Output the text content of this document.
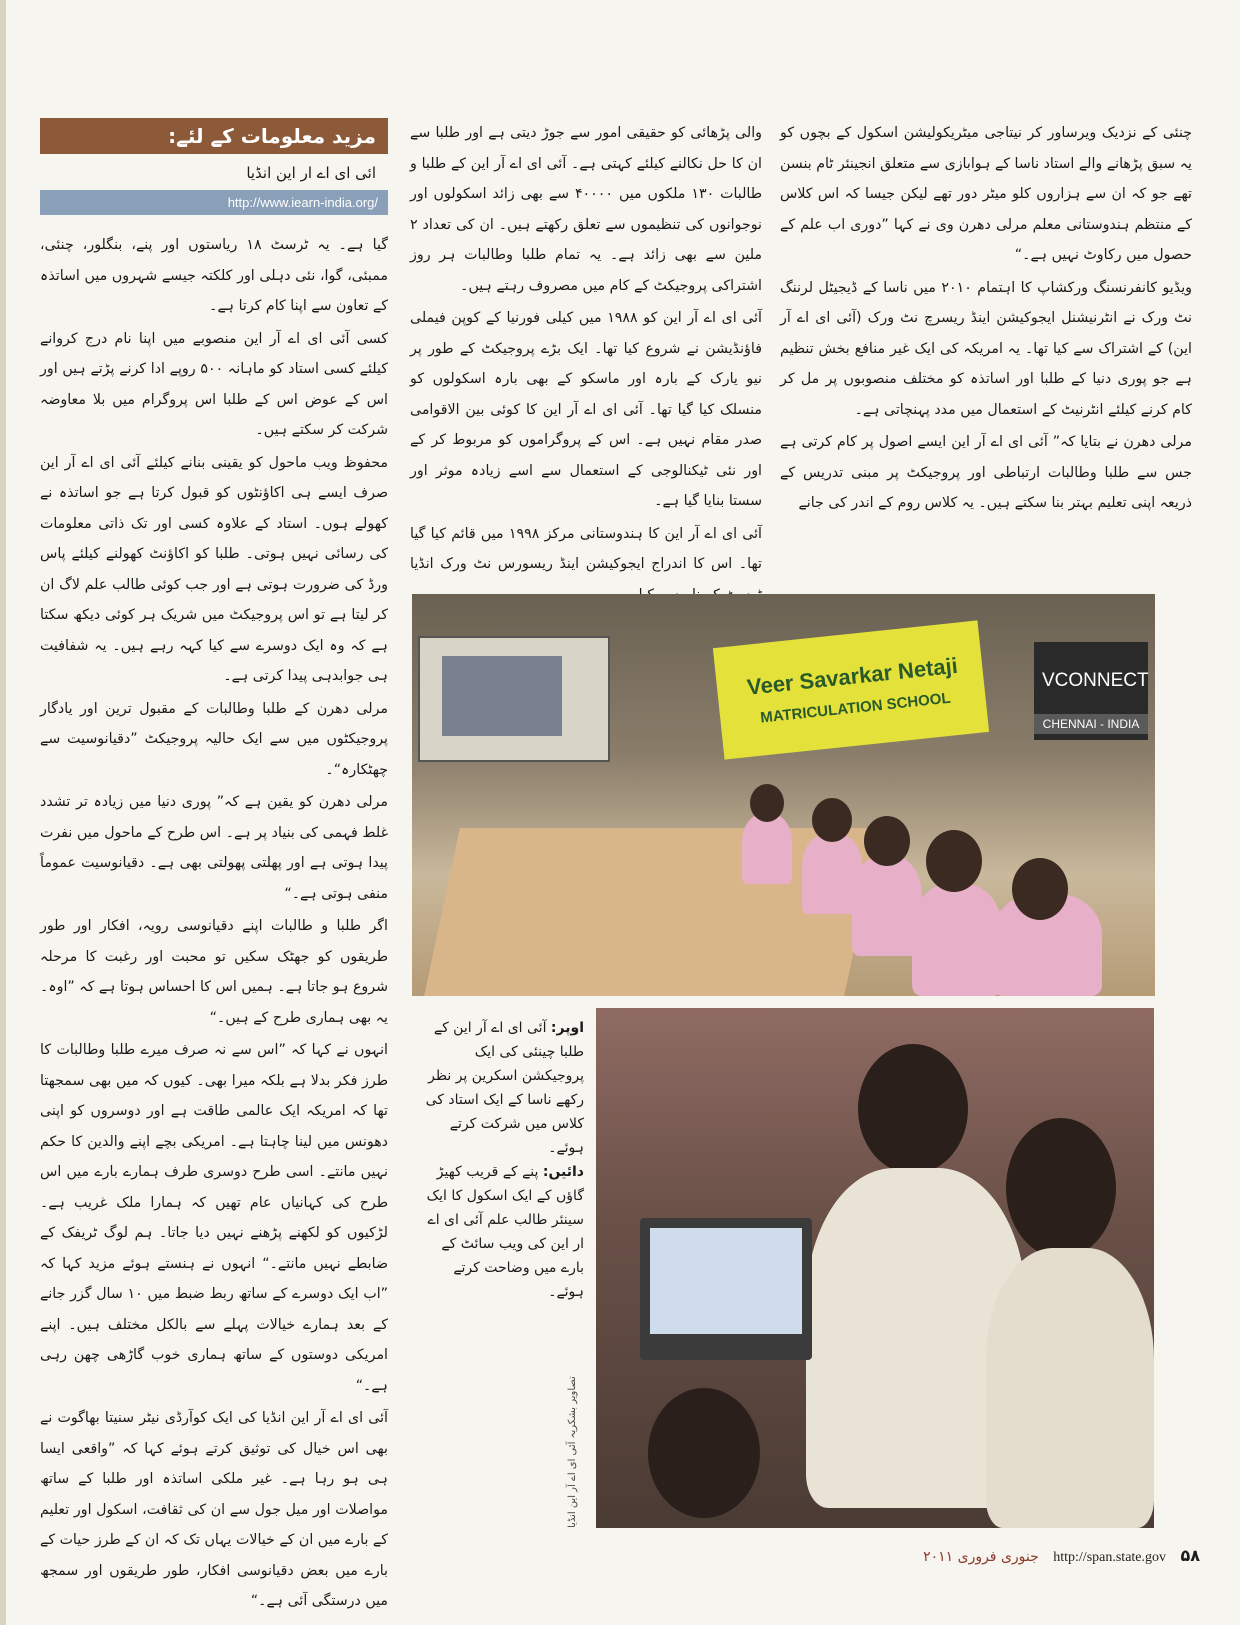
مزید معلومات کے لئے:
ائی ای اے ار این انڈیا
http://www.iearn-india.org/

چنئی کے نزدیک ویرساور کر نیتاجی میٹریکولیشن اسکول کے بچوں کو یہ سبق پڑھانے والے استاد ناسا کے ہوابازی سے متعلق انجینئر ٹام بنسن تھے جو کہ ان سے ہزاروں کلو میٹر دور تھے لیکن جیسا کہ اس کلاس کے منتظم ہندوستانی معلم مرلی دھرن وی نے کہا ”دوری اب علم کے حصول میں رکاوٹ نہیں ہے۔“

ویڈیو کانفرنسنگ ورکشاپ کا اہتمام ۲۰۱۰ میں ناسا کے ڈیجیٹل لرننگ نٹ ورک نے انٹرنیشنل ایجوکیشن اینڈ ریسرچ نٹ ورک (آئی ای اے آر این) کے اشتراک سے کیا تھا۔ یہ امریکہ کی ایک غیر منافع بخش تنظیم ہے جو پوری دنیا کے طلبا اور اساتذہ کو مختلف منصوبوں پر مل کر کام کرنے کیلئے انٹرنیٹ کے استعمال میں مدد پہنچاتی ہے۔

مرلی دھرن نے بتایا کہ” آئی ای اے آر این ایسے اصول پر کام کرتی ہے جس سے طلبا وطالبات ارتباطی اور پروجیکٹ پر مبنی تدریس کے ذریعہ اپنی تعلیم بہتر بنا سکتے ہیں۔ یہ کلاس روم کے اندر کی جانے

والی پڑھائی کو حقیقی امور سے جوڑ دیتی ہے اور طلبا سے ان کا حل نکالنے کیلئے کہتی ہے۔ آئی ای اے آر این کے طلبا و طالبات ۱۳۰ ملکوں میں ۴۰۰۰۰ سے بھی زائد اسکولوں اور نوجوانوں کی تنظیموں سے تعلق رکھتے ہیں۔ ان کی تعداد ۲ ملین سے بھی زائد ہے۔ یہ تمام طلبا وطالبات ہر روز اشتراکی پروجیکٹ کے کام میں مصروف رہتے ہیں۔

آئی ای اے آر این کو ۱۹۸۸ میں کیلی فورنیا کے کوپن فیملی فاؤنڈیشن نے شروع کیا تھا۔ ایک بڑے پروجیکٹ کے طور پر نیو یارک کے بارہ اور ماسکو کے بھی بارہ اسکولوں کو منسلک کیا گیا تھا۔ آئی ای اے آر این کا کوئی بین الاقوامی صدر مقام نہیں ہے۔ اس کے پروگراموں کو مربوط کر کے اور نئی ٹیکنالوجی کے استعمال سے اسے زیادہ موثر اور سستا بنایا گیا ہے۔

آئی ای اے آر این کا ہندوستانی مرکز ۱۹۹۸ میں قائم کیا گیا تھا۔ اس کا اندراج ایجوکیشن اینڈ ریسورس نٹ ورک انڈیا

گیا ہے۔ یہ ٹرسٹ ۱۸ ریاستوں اور پنے، بنگلور، چنئی، ممبئی، گوا، نئی دہلی اور کلکتہ جیسے شہروں میں اساتذہ کے تعاون سے اپنا کام کرتا ہے۔

کسی آئی ای اے آر این منصوبے میں اپنا نام درج کروانے کیلئے کسی استاد کو ماہانہ ۵۰۰ روپے ادا کرنے پڑتے ہیں اور اس کے عوض اس کے طلبا اس پروگرام میں بلا معاوضہ شرکت کر سکتے ہیں۔

محفوظ ویب ماحول کو یقینی بنانے کیلئے آئی ای اے آر این صرف ایسے ہی اکاؤنٹوں کو قبول کرتا ہے جو اساتذہ نے کھولے ہوں۔ استاد کے علاوہ کسی اور تک ذاتی معلومات کی رسائی نہیں ہوتی۔ طلبا کو اکاؤنٹ کھولنے کیلئے پاس ورڈ کی ضرورت ہوتی ہے اور جب کوئی طالب علم لاگ ان کر لیتا ہے تو اس پروجیکٹ میں شریک ہر کوئی دیکھ سکتا ہے کہ وہ ایک دوسرے سے کیا کہہ رہے ہیں۔ یہ شفافیت ہی جوابدہی پیدا کرتی ہے۔

مرلی دھرن کے طلبا وطالبات کے مقبول ترین اور یادگار پروجیکٹوں میں سے ایک حالیہ پروجیکٹ ”دقیانوسیت سے چھٹکارہ“۔

مرلی دھرن کو یقین ہے کہ” پوری دنیا میں زیادہ تر تشدد غلط فہمی کی بنیاد پر ہے۔ اس طرح کے ماحول میں نفرت پیدا ہوتی ہے اور پھلتی پھولتی بھی ہے۔ دقیانوسیت عموماً منفی ہوتی ہے۔“

اگر طلبا و طالبات اپنے دقیانوسی رویہ، افکار اور طور طریقوں کو جھٹک سکیں تو محبت اور رغبت کا مرحلہ شروع ہو جاتا ہے۔ ہمیں اس کا احساس ہوتا ہے کہ ”اوہ۔ یہ بھی ہماری طرح کے ہیں۔“

انہوں نے کہا کہ ”اس سے نہ صرف میرے طلبا وطالبات کا طرز فکر بدلا ہے بلکہ میرا بھی۔ کیوں کہ میں بھی سمجھتا تھا کہ امریکہ ایک عالمی طاقت ہے اور دوسروں کو اپنی دھونس میں لینا چاہتا ہے۔ امریکی بچے اپنے والدین کا حکم نہیں مانتے۔ اسی طرح دوسری طرف ہمارے بارے میں اس طرح کی کہانیاں عام تھیں کہ ہمارا ملک غریب ہے۔ لڑکیوں کو لکھنے پڑھنے نہیں دیا جاتا۔ ہم لوگ ٹریفک کے ضابطے نہیں مانتے۔“ انہوں نے ہنستے ہوئے مزید کہا کہ ”اب ایک دوسرے کے ساتھ ربط ضبط میں ۱۰ سال گزر جانے کے بعد ہمارے خیالات پہلے سے بالکل مختلف ہیں۔ اپنے امریکی دوستوں کے ساتھ ہماری خوب گاڑھی چھن رہی ہے۔“

آئی ای اے آر این انڈیا کی ایک کوآرڈی نیٹر سنیتا بھاگوت نے بھی اس خیال کی توثیق کرتے ہوئے کہا کہ ”واقعی ایسا ہی ہو رہا ہے۔ غیر ملکی اساتذہ اور طلبا کے ساتھ مواصلات اور میل جول سے ان کی ثقافت، اسکول اور تعلیم کے بارے میں ان کے خیالات یہاں تک کہ ان کے طرز حیات کے بارے میں بعض دقیانوسی افکار، طور طریقوں اور سمجھ میں درستگی آئی ہے۔“

Veer Savarkar Netaji
MATRICULATION SCHOOL
VCONNECT
CHENNAI - INDIA
اوپر: آئی ای اے آر این کے طلبا چینئی کی ایک پروجیکشن اسکرین پر نظر رکھے ناسا کے ایک استاد کی کلاس میں شرکت کرتے ہوئے۔
دائیں: پنے کے قریب کھیڑ گاؤں کے ایک اسکول کا ایک سینئر طالب علم آئی ای اے ار این کی ویب سائٹ کے بارے میں وضاحت کرتے ہوئے۔
تصاویر بشکریہ آئی ای اے آر این انڈیا
جنوری فروری ۲۰۱۱ http://span.state.gov ۵۸
